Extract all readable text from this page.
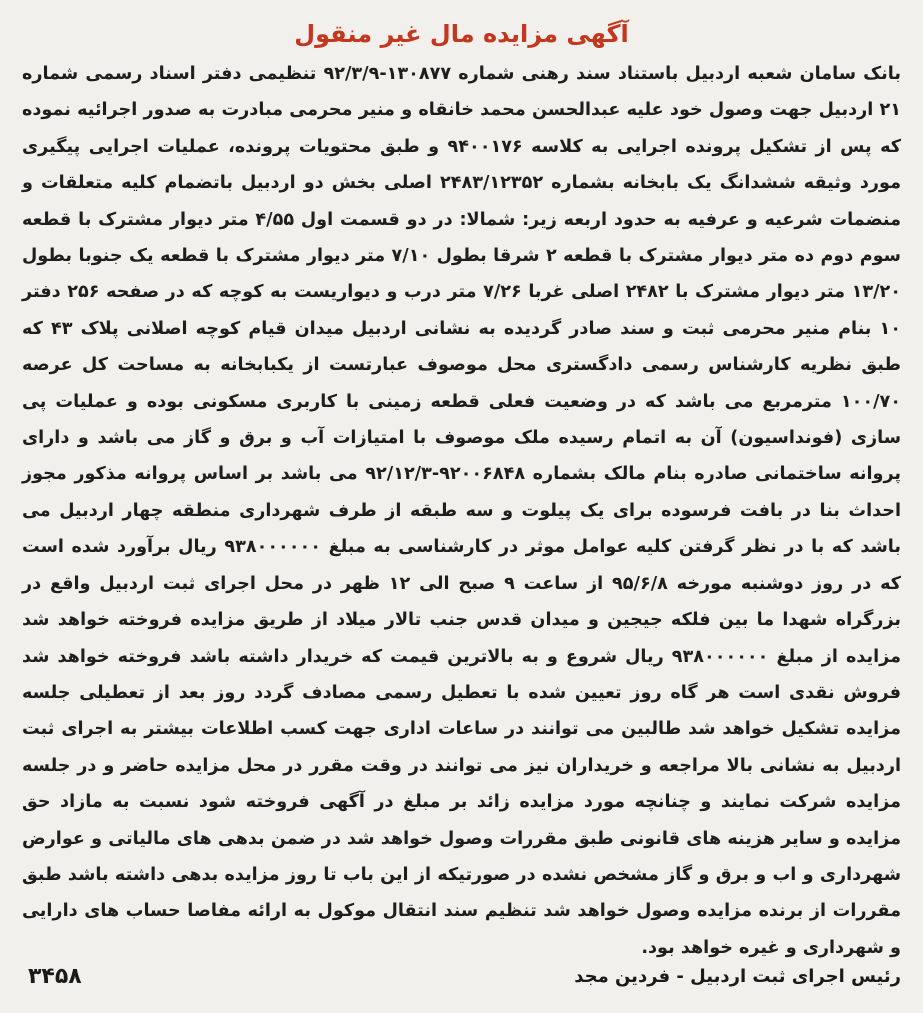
آگهی مزایده مال غیر منقول

بانک سامان شعبه اردبیل باستناد سند رهنی شماره ۱۳۰۸۷۷-۹۲/۳/۹ تنظیمی دفتر اسناد رسمی شماره ۲۱ اردبیل جهت وصول خود علیه عبدالحسن محمد خانقاه و منیر محرمی مبادرت به صدور اجرائیه نموده که پس از تشکیل پرونده اجرایی به کلاسه ۹۴۰۰۱۷۶ و طبق محتویات پرونده، عملیات اجرایی پیگیری مورد وثیقه ششدانگ یک بابخانه بشماره ۲۴۸۳/۱۲۳۵۲ اصلی بخش دو اردبیل باتضمام کلیه متعلقات و منضمات شرعیه و عرفیه به حدود اربعه زیر: شمالا: در دو قسمت اول ۴/۵۵ متر دیوار مشترک با قطعه سوم دوم ده متر دیوار مشترک با قطعه ۲ شرقا بطول ۷/۱۰ متر دیوار مشترک با قطعه یک جنوبا بطول ۱۳/۲۰ متر دیوار مشترک با ۲۴۸۲ اصلی غربا ۷/۲۶ متر درب و دیواریست به کوچه که در صفحه ۲۵۶ دفتر ۱۰ بنام منیر محرمی ثبت و سند صادر گردیده به نشانی اردبیل میدان قیام کوچه اصلانی پلاک ۴۳ که طبق نظریه کارشناس رسمی دادگستری محل موصوف عبارتست از یکبابخانه به مساحت کل عرصه ۱۰۰/۷۰ مترمربع می باشد که در وضعیت فعلی قطعه زمینی با کاربری مسکونی بوده و عملیات پی سازی (فونداسیون) آن به اتمام رسیده ملک موصوف با امتیازات آب و برق و گاز می باشد و دارای پروانه ساختمانی صادره بنام مالک بشماره ۹۲۰۰۶۸۴۸-۹۲/۱۲/۳ می باشد بر اساس پروانه مذکور مجوز احداث بنا در بافت فرسوده برای یک پیلوت و سه طبقه از طرف شهرداری منطقه چهار اردبیل می باشد که با در نظر گرفتن کلیه عوامل موثر در کارشناسی به مبلغ ۹۳۸۰۰۰۰۰۰ ریال برآورد شده است که در روز دوشنبه مورخه ۹۵/۶/۸ از ساعت ۹ صبح الی ۱۲ ظهر در محل اجرای ثبت اردبیل واقع در بزرگراه شهدا ما بین فلکه جیجین و میدان قدس جنب تالار میلاد از طریق مزایده فروخته خواهد شد مزایده از مبلغ ۹۳۸۰۰۰۰۰۰ ریال شروع و به بالاترین قیمت که خریدار داشته باشد فروخته خواهد شد فروش نقدی است هر گاه روز تعیین شده با تعطیل رسمی مصادف گردد روز بعد از تعطیلی جلسه مزایده تشکیل خواهد شد طالبین می توانند در ساعات اداری جهت کسب اطلاعات بیشتر به اجرای ثبت اردبیل به نشانی بالا مراجعه و خریداران نیز می توانند در وقت مقرر در محل مزایده حاضر و در جلسه مزایده شرکت نمایند و چنانچه مورد مزایده زائد بر مبلغ در آگهی فروخته شود نسبت به مازاد حق مزایده و سایر هزینه های قانونی طبق مقررات وصول خواهد شد در ضمن بدهی های مالیاتی و عوارض شهرداری و اب و برق و گاز مشخص نشده در صورتیکه از این باب تا روز مزایده بدهی داشته باشد طبق مقررات از برنده مزایده وصول خواهد شد تنظیم سند انتقال موکول به ارائه مفاصا حساب های دارایی و شهرداری و غیره خواهد بود.

رئیس اجرای ثبت اردبیل - فردین مجد
۳۴۵۸
